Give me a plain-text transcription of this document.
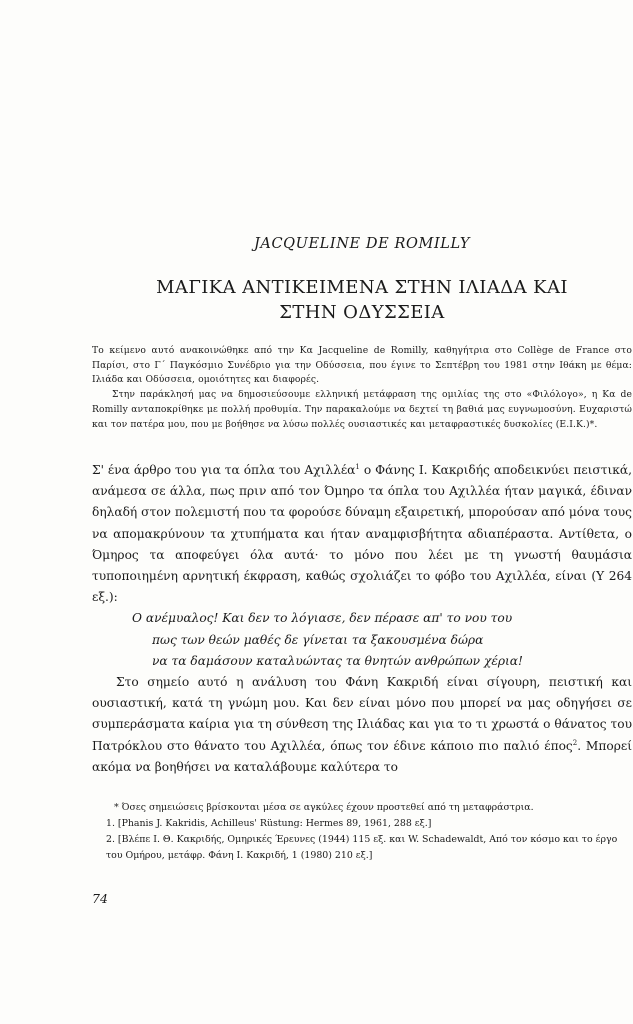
JACQUELINE DE ROMILLY
ΜΑΓΙΚΑ ΑΝΤΙΚΕΙΜΕΝΑ ΣΤΗΝ ΙΛΙΑΔΑ ΚΑΙ
ΣΤΗΝ ΟΔΥΣΣΕΙΑ

Το κείμενο αυτό ανακοινώθηκε από την Κα Jacqueline de Romilly, καθηγήτρια στο Collège de France στο Παρίσι, στο Γ΄ Παγκόσμιο Συνέδριο για την Οδύσσεια, που έγινε το Σεπτέβρη του 1981 στην Ιθάκη με θέμα: Ιλιάδα και Οδύσσεια, ομοιότητες και διαφορές.

Στην παράκλησή μας να δημοσιεύσουμε ελληνική μετάφραση της ομιλίας της στο «Φιλόλογο», η Κα de Romilly ανταποκρίθηκε με πολλή προθυμία. Την παρακαλούμε να δεχτεί τη βαθιά μας ευγνωμοσύνη. Ευχαριστώ και τον πατέρα μου, που με βοήθησε να λύσω πολλές ουσιαστικές και μεταφραστικές δυσκολίες (Ε.Ι.Κ.)*.

Σ' ένα άρθρο του για τα όπλα του Αχιλλέα$^1$ ο Φάνης Ι. Κακριδής αποδεικνύει πειστικά, ανάμεσα σε άλλα, πως πριν από τον Όμηρο τα όπλα του Αχιλλέα ήταν μαγικά, έδιναν δηλαδή στον πολεμιστή που τα φορούσε δύναμη εξαιρετική, μπορούσαν από μόνα τους να απομακρύνουν τα χτυπήματα και ήταν αναμφισβήτητα αδιαπέραστα. Αντίθετα, ο Όμηρος τα αποφεύγει όλα αυτά· το μόνο που λέει με τη γνωστή θαυμάσια τυποποιημένη αρνητική έκφραση, καθώς σχολιάζει το φόβο του Αχιλλέα, είναι (Υ 264 εξ.):

Ο ανέμυαλος! Και δεν το λόγιασε, δεν πέρασε απ' το νου του

πως των θεών μαθές δε γίνεται τα ξακουσμένα δώρα

να τα δαμάσουν καταλυώντας τα θνητών ανθρώπων χέρια!

Στο σημείο αυτό η ανάλυση του Φάνη Κακριδή είναι σίγουρη, πειστική και ουσιαστική, κατά τη γνώμη μου. Και δεν είναι μόνο που μπορεί να μας οδηγήσει σε συμπεράσματα καίρια για τη σύνθεση της Ιλιάδας και για το τι χρωστά ο θάνατος του Πατρόκλου στο θάνατο του Αχιλλέα, όπως τον έδινε κάποιο πιο παλιό έπος$^2$. Μπορεί ακόμα να βοηθήσει να καταλάβουμε καλύτερα το

* Όσες σημειώσεις βρίσκονται μέσα σε αγκύλες έχουν προστεθεί από τη μεταφράστρια.

1. [Phanis J. Kakridis, Achilleus' Rüstung: Hermes 89, 1961, 288 εξ.]

2. [Βλέπε Ι. Θ. Κακριδής, Ομηρικές Έρευνες (1944) 115 εξ. και W. Schadewaldt, Από τον κόσμο και το έργο του Ομήρου, μετάφρ. Φάνη Ι. Κακριδή, 1 (1980) 210 εξ.]

74
